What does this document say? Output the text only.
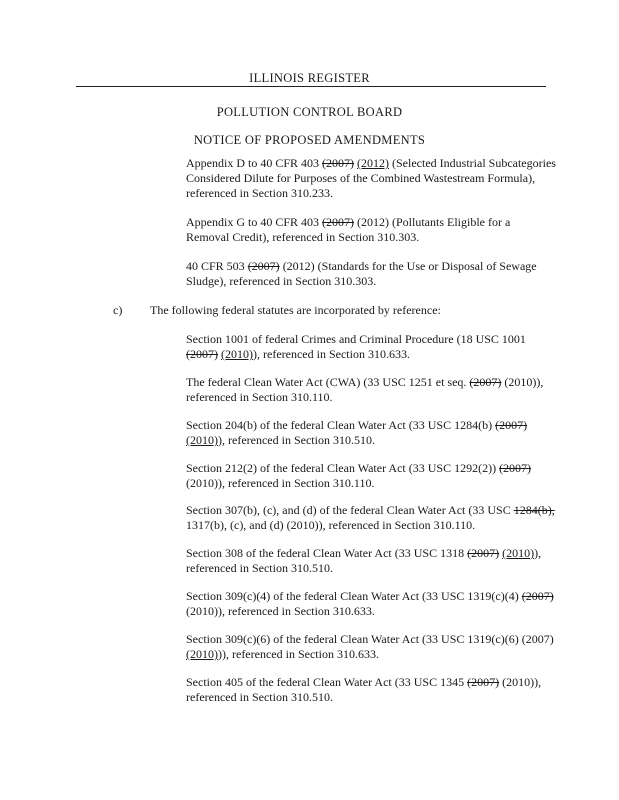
ILLINOIS REGISTER
POLLUTION CONTROL BOARD
NOTICE OF PROPOSED AMENDMENTS
Appendix D to 40 CFR 403 (2007) (2012) (Selected Industrial Subcategories Considered Dilute for Purposes of the Combined Wastestream Formula), referenced in Section 310.233.
Appendix G to 40 CFR 403 (2007) (2012) (Pollutants Eligible for a Removal Credit), referenced in Section 310.303.
40 CFR 503 (2007) (2012) (Standards for the Use or Disposal of Sewage Sludge), referenced in Section 310.303.
c) The following federal statutes are incorporated by reference:
Section 1001 of federal Crimes and Criminal Procedure (18 USC 1001 (2007) (2010)), referenced in Section 310.633.
The federal Clean Water Act (CWA) (33 USC 1251 et seq. (2007) (2010)), referenced in Section 310.110.
Section 204(b) of the federal Clean Water Act (33 USC 1284(b) (2007) (2010)), referenced in Section 310.510.
Section 212(2) of the federal Clean Water Act (33 USC 1292(2)) (2007) (2010)), referenced in Section 310.110.
Section 307(b), (c), and (d) of the federal Clean Water Act (33 USC 1284(b), 1317(b), (c), and (d) (2010)), referenced in Section 310.110.
Section 308 of the federal Clean Water Act (33 USC 1318 (2007) (2010)), referenced in Section 310.510.
Section 309(c)(4) of the federal Clean Water Act (33 USC 1319(c)(4) (2007) (2010)), referenced in Section 310.633.
Section 309(c)(6) of the federal Clean Water Act (33 USC 1319(c)(6) (2007) (2010))), referenced in Section 310.633.
Section 405 of the federal Clean Water Act (33 USC 1345 (2007) (2010)), referenced in Section 310.510.
